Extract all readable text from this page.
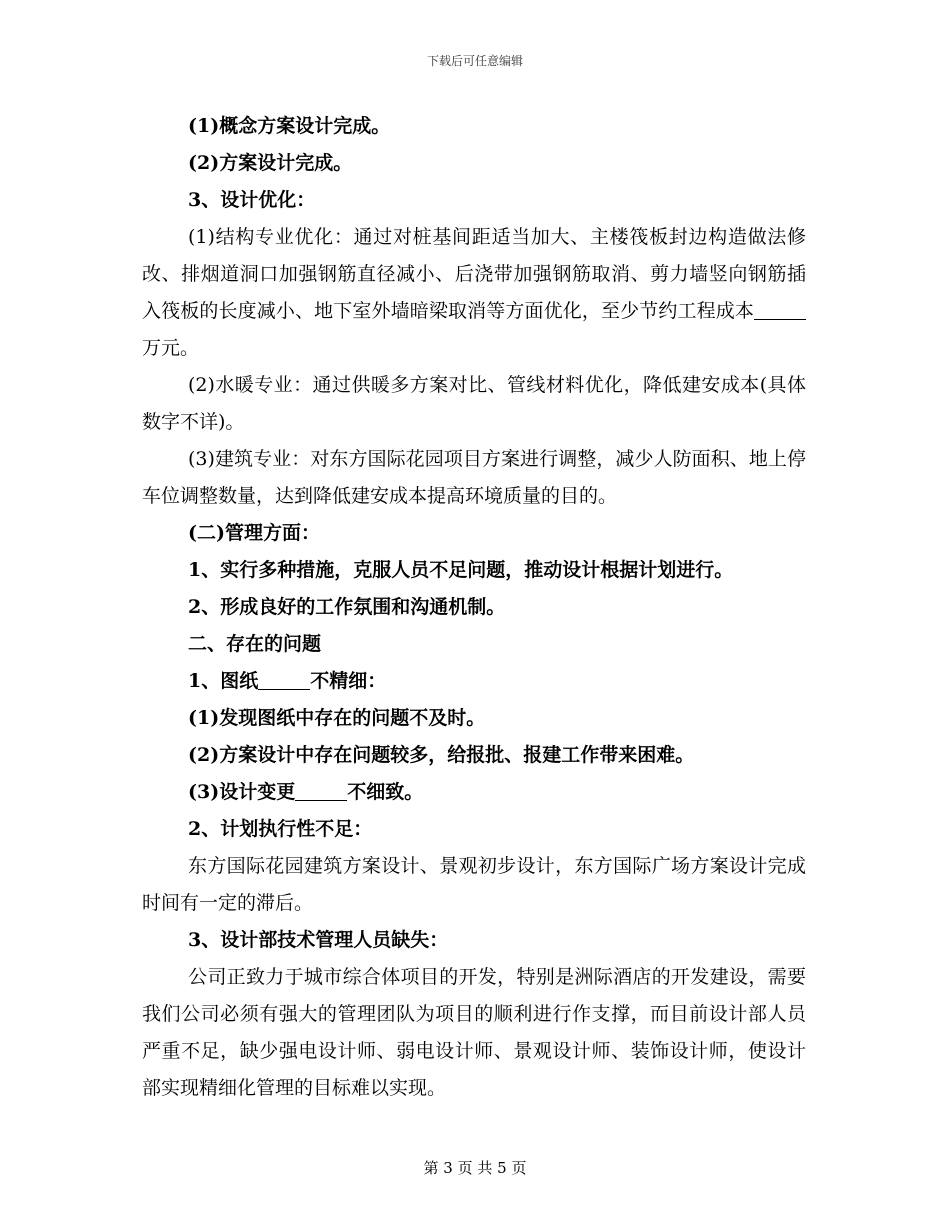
下载后可任意编辑

(1)概念方案设计完成。

(2)方案设计完成。

3、设计优化：

(1)结构专业优化：通过对桩基间距适当加大、主楼筏板封边构造做法修改、排烟道洞口加强钢筋直径减小、后浇带加强钢筋取消、剪力墙竖向钢筋插入筏板的长度减小、地下室外墙暗梁取消等方面优化，至少节约工程成本万元。

(2)水暖专业：通过供暖多方案对比、管线材料优化，降低建安成本(具体数字不详)。

(3)建筑专业：对东方国际花园项目方案进行调整，减少人防面积、地上停车位调整数量，达到降低建安成本提高环境质量的目的。

(二)管理方面：

1、实行多种措施，克服人员不足问题，推动设计根据计划进行。

2、形成良好的工作氛围和沟通机制。

二、存在的问题

1、图纸	不精细：

(1)发现图纸中存在的问题不及时。

(2)方案设计中存在问题较多，给报批、报建工作带来困难。

(3)设计变更	不细致。

2、计划执行性不足：

东方国际花园建筑方案设计、景观初步设计，东方国际广场方案设计完成时间有一定的滞后。

3、设计部技术管理人员缺失：

公司正致力于城市综合体项目的开发，特别是洲际酒店的开发建设，需要我们公司必须有强大的管理团队为项目的顺利进行作支撑，而目前设计部人员严重不足，缺少强电设计师、弱电设计师、景观设计师、装饰设计师，使设计部实现精细化管理的目标难以实现。

第 3 页 共 5 页
